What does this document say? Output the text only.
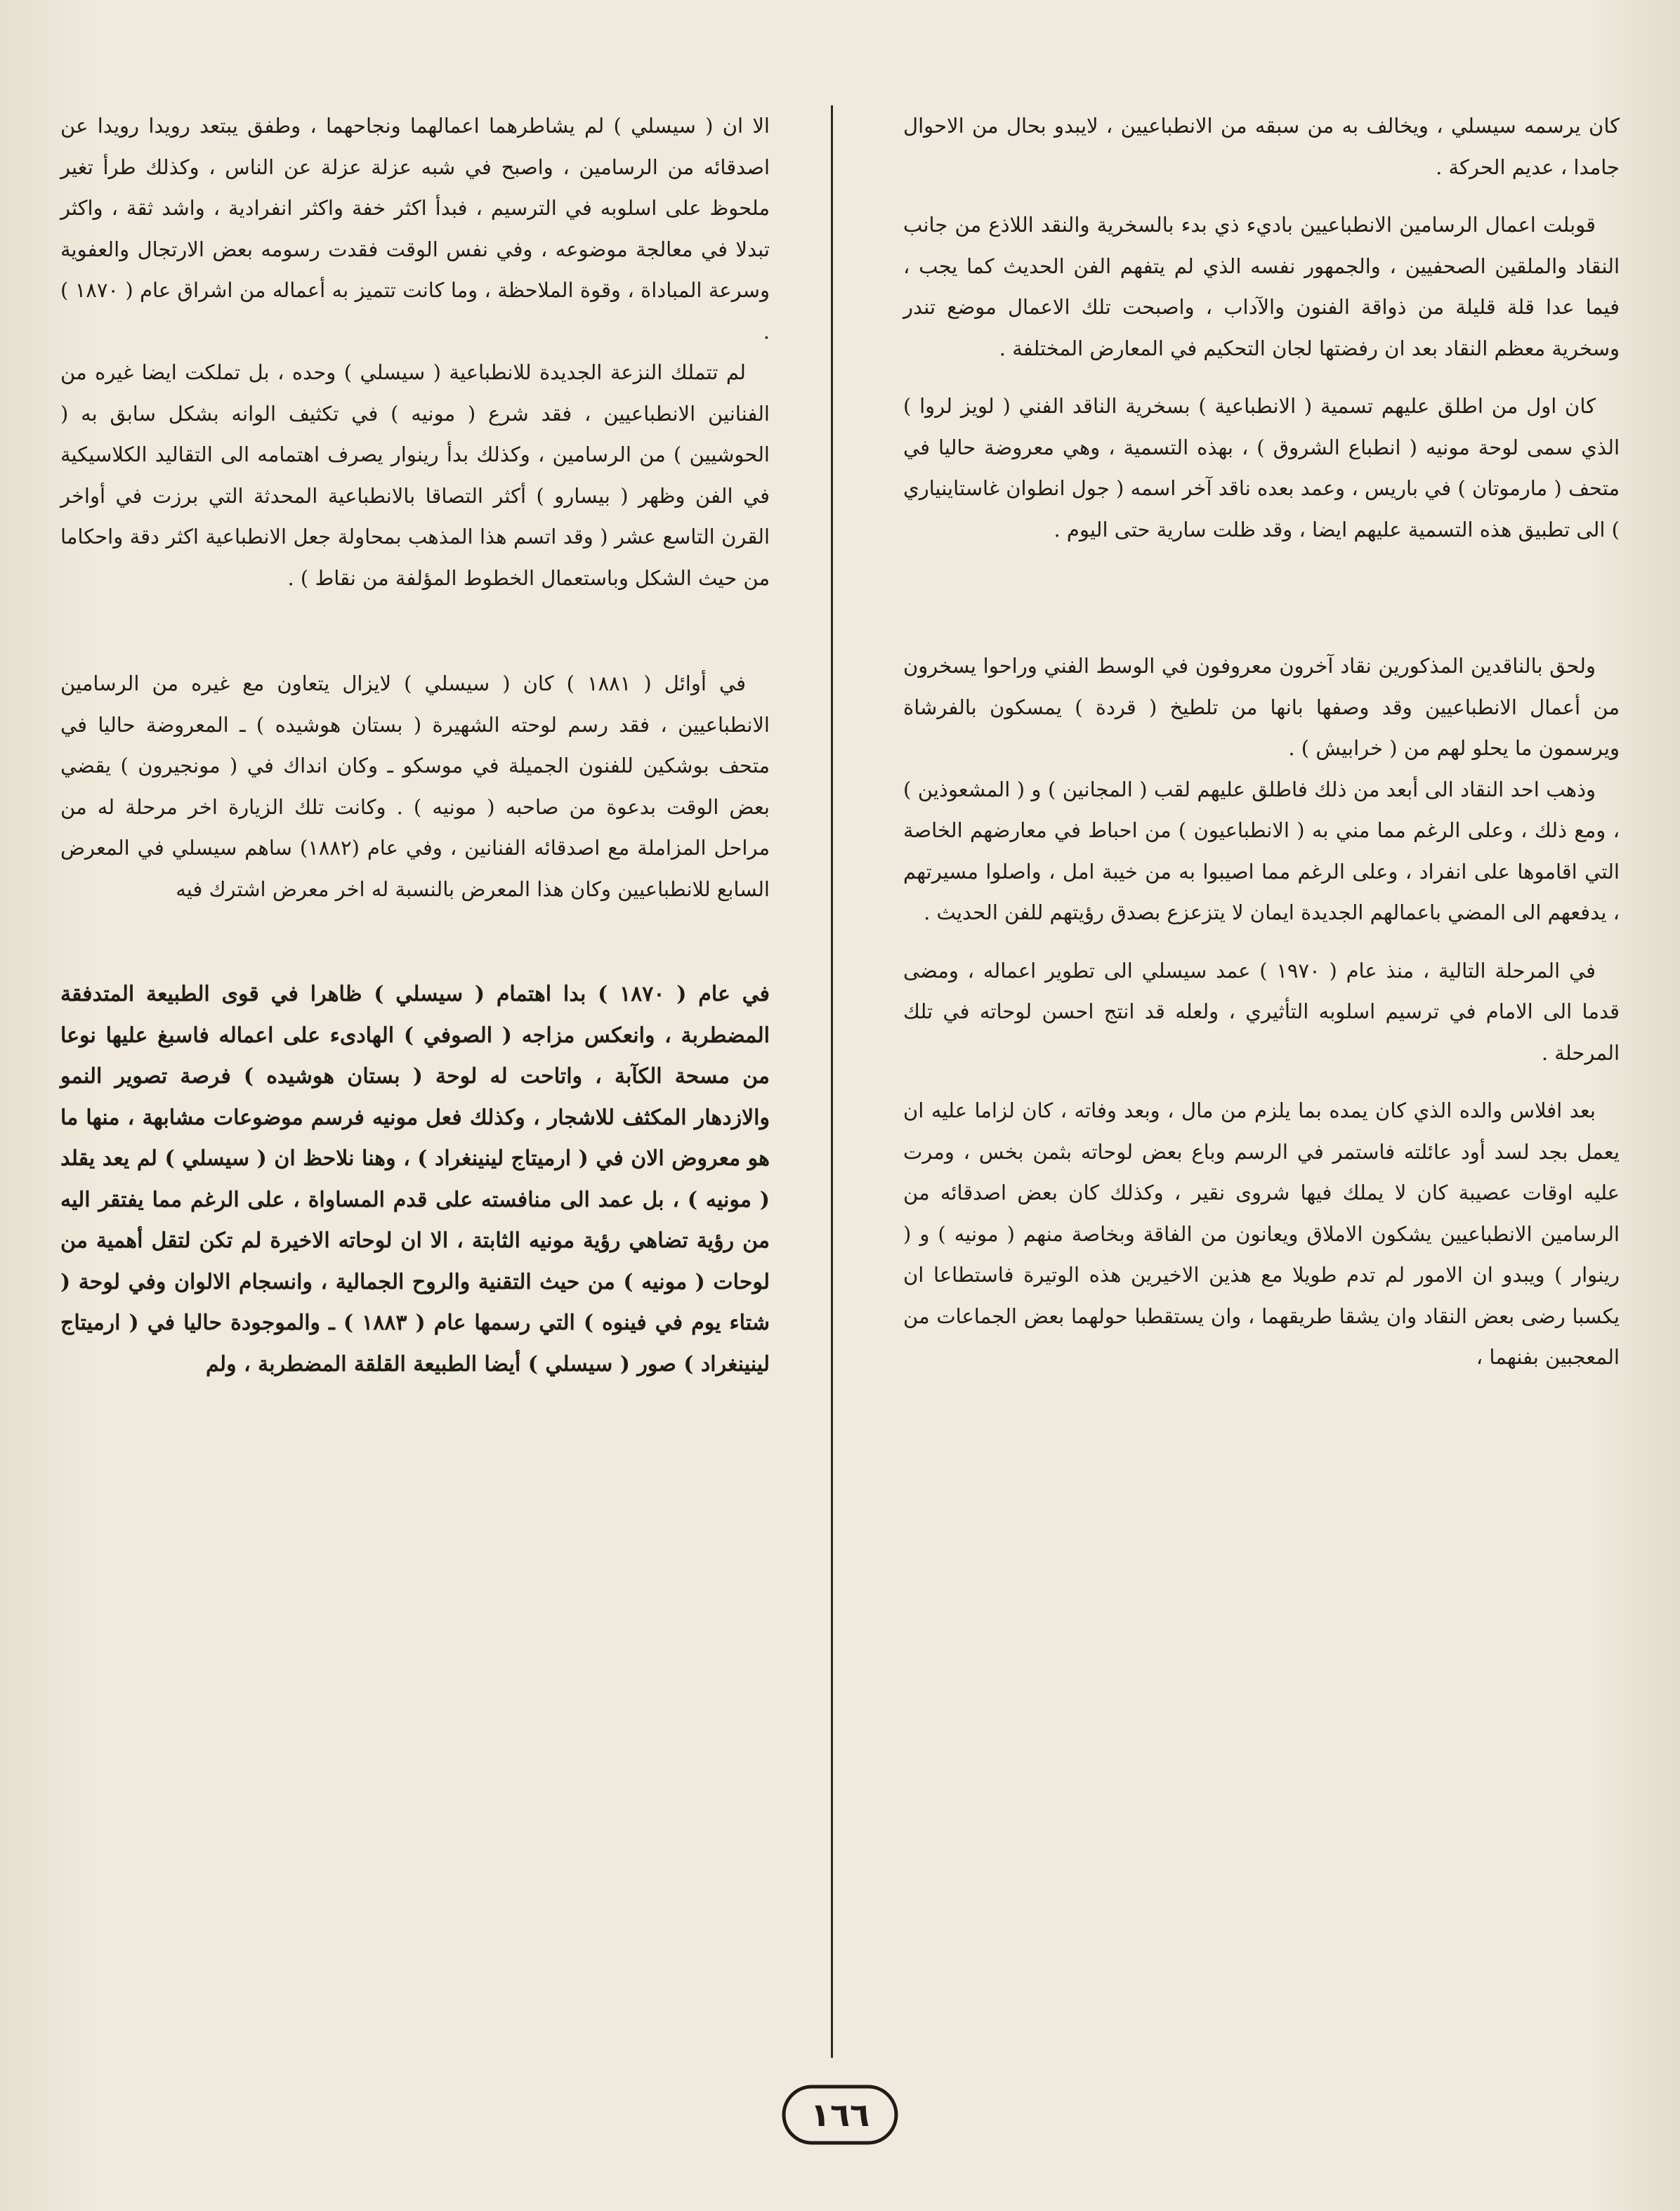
كان يرسمه سيسلي ، ويخالف به من سبقه من الانطباعيين ، لايبدو بحال من الاحوال جامدا ، عديم الحركة .

قوبلت اعمال الرسامين الانطباعيين باديء ذي بدء بالسخرية والنقد اللاذع من جانب النقاد والملقين الصحفيين ، والجمهور نفسه الذي لم يتفهم الفن الحديث كما يجب ، فيما عدا قلة قليلة من ذواقة الفنون والآداب ، واصبحت تلك الاعمال موضع تندر وسخرية معظم النقاد بعد ان رفضتها لجان التحكيم في المعارض المختلفة .

كان اول من اطلق عليهم تسمية ( الانطباعية ) بسخرية الناقد الفني ( لويز لروا ) الذي سمى لوحة مونيه ( انطباع الشروق ) ، بهذه التسمية ، وهي معروضة حاليا في متحف ( مارموتان ) في باريس ، وعمد بعده ناقد آخر اسمه ( جول انطوان غاستاينياري ) الى تطبيق هذه التسمية عليهم ايضا ، وقد ظلت سارية حتى اليوم .

ولحق بالناقدين المذكورين نقاد آخرون معروفون في الوسط الفني وراحوا يسخرون من أعمال الانطباعيين وقد وصفها بانها من تلطيخ ( قردة ) يمسكون بالفرشاة ويرسمون ما يحلو لهم من ( خرابيش ) .

وذهب احد النقاد الى أبعد من ذلك فاطلق عليهم لقب ( المجانين ) و ( المشعوذين ) ، ومع ذلك ، وعلى الرغم مما مني به ( الانطباعيون ) من احباط في معارضهم الخاصة التي اقاموها على انفراد ، وعلى الرغم مما اصيبوا به من خيبة امل ، واصلوا مسيرتهم ، يدفعهم الى المضي باعمالهم الجديدة ايمان لا يتزعزع بصدق رؤيتهم للفن الحديث .

في المرحلة التالية ، منذ عام ( ١٩٧٠ ) عمد سيسلي الى تطوير اعماله ، ومضى قدما الى الامام في ترسيم اسلوبه التأثيري ، ولعله قد انتج احسن لوحاته في تلك المرحلة .

بعد افلاس والده الذي كان يمده بما يلزم من مال ، وبعد وفاته ، كان لزاما عليه ان يعمل بجد لسد أود عائلته فاستمر في الرسم وباع بعض لوحاته بثمن بخس ، ومرت عليه اوقات عصيبة كان لا يملك فيها شروى نقير ، وكذلك كان بعض اصدقائه من الرسامين الانطباعيين يشكون الاملاق ويعانون من الفاقة وبخاصة منهم ( مونيه ) و ( رينوار ) ويبدو ان الامور لم تدم طويلا مع هذين الاخيرين هذه الوتيرة فاستطاعا ان يكسبا رضى بعض النقاد وان يشقا طريقهما ، وان يستقطبا حولهما بعض الجماعات من المعجبين بفنهما ،

الا ان ( سيسلي ) لم يشاطرهما اعمالهما ونجاحهما ، وطفق يبتعد رويدا رويدا عن اصدقائه من الرسامين ، واصبح في شبه عزلة عزلة عن الناس ، وكذلك طرأ تغير ملحوظ على اسلوبه في الترسيم ، فبدأ اكثر خفة واكثر انفرادية ، واشد ثقة ، واكثر تبدلا في معالجة موضوعه ، وفي نفس الوقت فقدت رسومه بعض الارتجال والعفوية وسرعة المباداة ، وقوة الملاحظة ، وما كانت تتميز به أعماله من اشراق عام ( ١٨٧٠ ) .

لم تتملك النزعة الجديدة للانطباعية ( سيسلي ) وحده ، بل تملكت ايضا غيره من الفنانين الانطباعيين ، فقد شرع ( مونيه ) في تكثيف الوانه بشكل سابق به ( الحوشيين ) من الرسامين ، وكذلك بدأ رينوار يصرف اهتمامه الى التقاليد الكلاسيكية في الفن وظهر ( بيسارو ) أكثر التصاقا بالانطباعية المحدثة التي برزت في أواخر القرن التاسع عشر ( وقد اتسم هذا المذهب بمحاولة جعل الانطباعية اكثر دقة واحكاما من حيث الشكل وباستعمال الخطوط المؤلفة من نقاط ) .

في أوائل ( ١٨٨١ ) كان ( سيسلي ) لايزال يتعاون مع غيره من الرسامين الانطباعيين ، فقد رسم لوحته الشهيرة ( بستان هوشيده ) ـ المعروضة حاليا في متحف بوشكين للفنون الجميلة في موسكو ـ وكان انداك في ( مونجيرون ) يقضي بعض الوقت بدعوة من صاحبه ( مونيه ) . وكانت تلك الزيارة اخر مرحلة له من مراحل المزاملة مع اصدقائه الفنانين ، وفي عام (١٨٨٢) ساهم سيسلي في المعرض السابع للانطباعيين وكان هذا المعرض بالنسبة له اخر معرض اشترك فيه

في عام ( ١٨٧٠ ) بدا اهتمام ( سيسلي ) ظاهرا في قوى الطبيعة المتدفقة المضطربة ، وانعكس مزاجه ( الصوفي ) الهادىء على اعماله فاسبغ عليها نوعا من مسحة الكآبة ، واتاحت له لوحة ( بستان هوشيده ) فرصة تصوير النمو والازدهار المكثف للاشجار ، وكذلك فعل مونيه فرسم موضوعات مشابهة ، منها ما هو معروض الان في ( ارميتاج لينينغراد ) ، وهنا نلاحظ ان ( سيسلي ) لم يعد يقلد ( مونيه ) ، بل عمد الى منافسته على قدم المساواة ، على الرغم مما يفتقر اليه من رؤية تضاهي رؤية مونيه الثابتة ، الا ان لوحاته الاخيرة لم تكن لتقل أهمية من لوحات ( مونيه ) من حيث التقنية والروح الجمالية ، وانسجام الالوان وفي لوحة ( شتاء يوم في فينوه ) التي رسمها عام ( ١٨٨٣ ) ـ والموجودة حاليا في ( ارميتاج لينينغراد ) صور ( سيسلي ) أيضا الطبيعة القلقة المضطربة ، ولم

١٦٦
